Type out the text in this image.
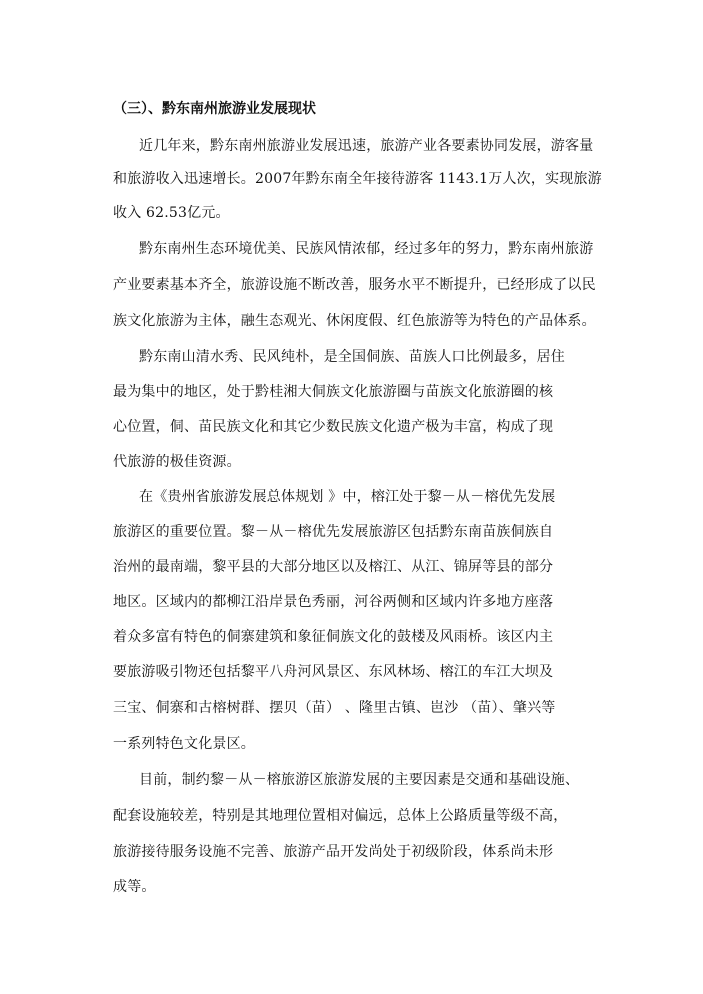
（三）、黔东南州旅游业发展现状
近几年来，黔东南州旅游业发展迅速，旅游产业各要素协同发展，游客量
和旅游收入迅速增长。2007年黔东南全年接待游客 1143.1万人次，实现旅游
收入 62.53亿元。
黔东南州生态环境优美、民族风情浓郁，经过多年的努力，黔东南州旅游
产业要素基本齐全，旅游设施不断改善，服务水平不断提升，已经形成了以民
族文化旅游为主体，融生态观光、休闲度假、红色旅游等为特色的产品体系。
黔东南山清水秀、民风纯朴，是全国侗族、苗族人口比例最多，居住
最为集中的地区，处于黔桂湘大侗族文化旅游圈与苗族文化旅游圈的核
心位置，侗、苗民族文化和其它少数民族文化遗产极为丰富，构成了现
代旅游的极佳资源。
在《贵州省旅游发展总体规划 》中，榕江处于黎－从－榕优先发展
旅游区的重要位置。黎－从－榕优先发展旅游区包括黔东南苗族侗族自
治州的最南端，黎平县的大部分地区以及榕江、从江、锦屏等县的部分
地区。区域内的都柳江沿岸景色秀丽，河谷两侧和区域内许多地方座落
着众多富有特色的侗寨建筑和象征侗族文化的鼓楼及风雨桥。该区内主
要旅游吸引物还包括黎平八舟河风景区、东风林场、榕江的车江大坝及
三宝、侗寨和古榕树群、摆贝（苗） 、隆里古镇、岜沙 （苗）、肇兴等
一系列特色文化景区。
目前，制约黎－从－榕旅游区旅游发展的主要因素是交通和基础设施、
配套设施较差，特别是其地理位置相对偏远，总体上公路质量等级不高，
旅游接待服务设施不完善、旅游产品开发尚处于初级阶段，体系尚未形
成等。
